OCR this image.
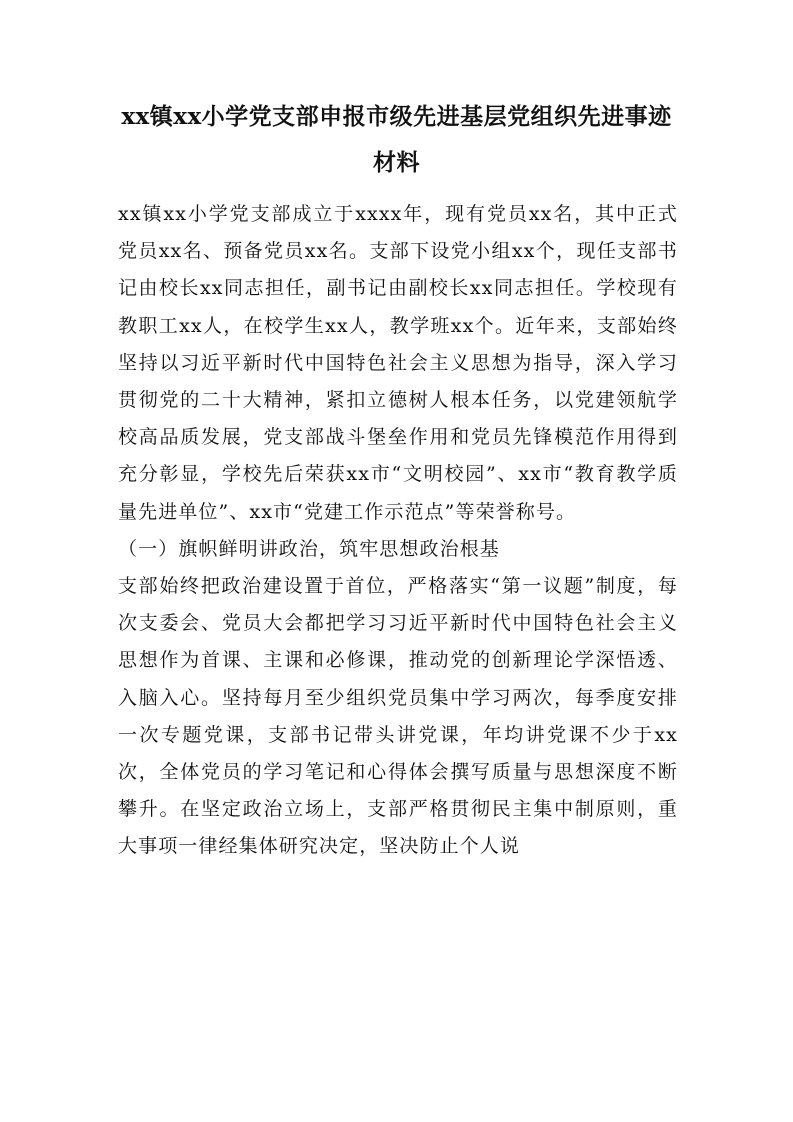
xx镇xx小学党支部申报市级先进基层党组织先进事迹材料

xx镇xx小学党支部成立于xxxx年，现有党员xx名，其中正式党员xx名、预备党员xx名。支部下设党小组xx个，现任支部书记由校长xx同志担任，副书记由副校长xx同志担任。学校现有教职工xx人，在校学生xx人，教学班xx个。近年来，支部始终坚持以习近平新时代中国特色社会主义思想为指导，深入学习贯彻党的二十大精神，紧扣立德树人根本任务，以党建领航学校高品质发展，党支部战斗堡垒作用和党员先锋模范作用得到充分彰显，学校先后荣获xx市“文明校园”、xx市“教育教学质量先进单位”、xx市“党建工作示范点”等荣誉称号。

（一）旗帜鲜明讲政治，筑牢思想政治根基

支部始终把政治建设置于首位，严格落实“第一议题”制度，每次支委会、党员大会都把学习习近平新时代中国特色社会主义思想作为首课、主课和必修课，推动党的创新理论学深悟透、入脑入心。坚持每月至少组织党员集中学习两次，每季度安排一次专题党课，支部书记带头讲党课，年均讲党课不少于xx次，全体党员的学习笔记和心得体会撰写质量与思想深度不断攀升。在坚定政治立场上，支部严格贯彻民主集中制原则，重大事项一律经集体研究决定，坚决防止个人说
